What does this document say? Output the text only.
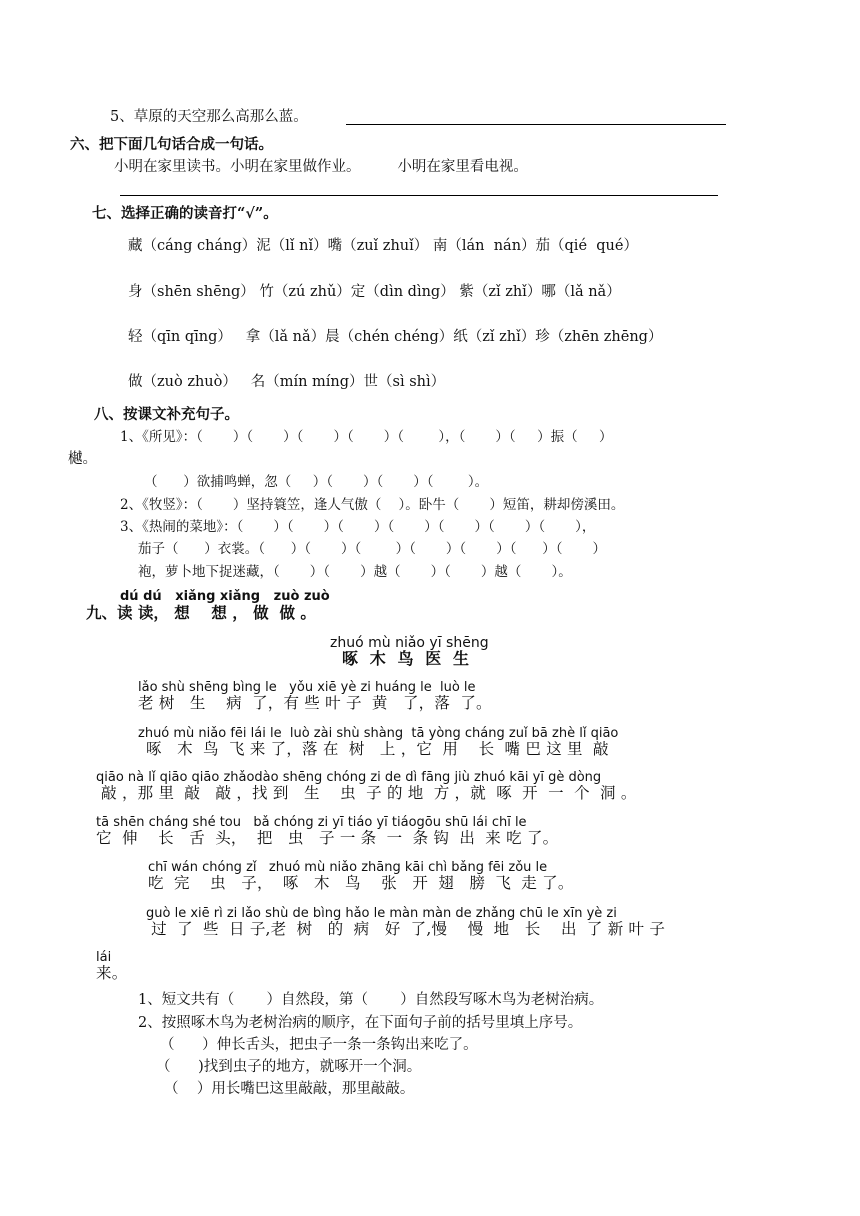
5、草原的天空那么高那么蓝。
六、把下面几句话合成一句话。
小明在家里读书。小明在家里做作业。        小明在家里看电视。
七、选择正确的读音打“√”。
藏（cáng cháng）泥（lǐ nǐ）嘴（zuǐ zhuǐ） 南（lán  nán）茄（qié  qué）
身（shēn shēng） 竹（zú zhǔ）定（dìn dìng） 紫（zǐ zhǐ）哪（lǎ nǎ）
轻（qīn qīng）   拿（lǎ nǎ）晨（chén chéng）纸（zǐ zhǐ）珍（zhēn zhēng）
做（zuò zhuò）   名（mín míng）世（sì shì）
八、按课文补充句子。
1、《所见》：（       ）（       ）（       ）（       ）（        ），（       ）（     ）振（     ）
樾。
（      ）欲捕鸣蝉，忽（     ）（       ）（       ）（        ）。
2、《牧竖》：（       ）坚持簑笠，逢人气傲（    ）。卧牛（       ）短笛，耕却傍溪田。
3、《热闹的菜地》：（       ）（       ）（       ）（       ）（       ）（       ）（       ），
茄子（      ）衣裳。（      ）（       ）（        ）（       ）（       ）（      ）（       ）
袍，萝卜地下捉迷藏，（       ）（       ）越（       ）（       ）越（       ）。
dú dú   xiǎng xiǎng   zuò zuò
九、读 读， 想    想 ， 做  做 。
zhuó mù niǎo yī shēng
啄  木  鸟  医  生
lǎo shù shēng bìng le   yǒu xiē yè zi huáng le  luò le
老 树   生    病  了，有 些 叶 子  黄   了，落  了。
zhuó mù niǎo fēi lái le  luò zài shù shàng  tā yòng cháng zuǐ bā zhè lǐ qiāo
啄   木  鸟  飞 来 了，落 在  树   上 ，它  用    长  嘴 巴 这 里  敲
qiāo nà lǐ qiāo qiāo zhǎodào shēng chóng zi de dì fāng jiù zhuó kāi yī gè dòng
敲 ，那 里  敲   敲 ，找 到   生    虫  子 的 地  方 ，就  啄  开  一  个  洞 。
tā shēn cháng shé tou   bǎ chóng zi yī tiáo yī tiáogōu shū lái chī le
它  伸    长   舌  头，  把   虫   子 一 条  一  条 钩  出  来 吃 了。
chī wán chóng zǐ   zhuó mù niǎo zhāng kāi chì bǎng fēi zǒu le
吃  完    虫   子，  啄   木   鸟    张   开  翅   膀  飞  走 了。
guò le xiē rì zi lǎo shù de bìng hǎo le màn màn de zhǎng chū le xīn yè zi
过  了  些  日 子,老  树   的  病   好  了,慢    慢  地   长    出  了 新 叶 子
lái
来。
1、短文共有（       ）自然段，第（       ）自然段写啄木鸟为老树治病。
2、按照啄木鸟为老树治病的顺序，在下面句子前的括号里填上序号。
（      ）伸长舌头，把虫子一条一条钩出来吃了。
（      )找到虫子的地方，就啄开一个洞。
（    ）用长嘴巴这里敲敲，那里敲敲。
